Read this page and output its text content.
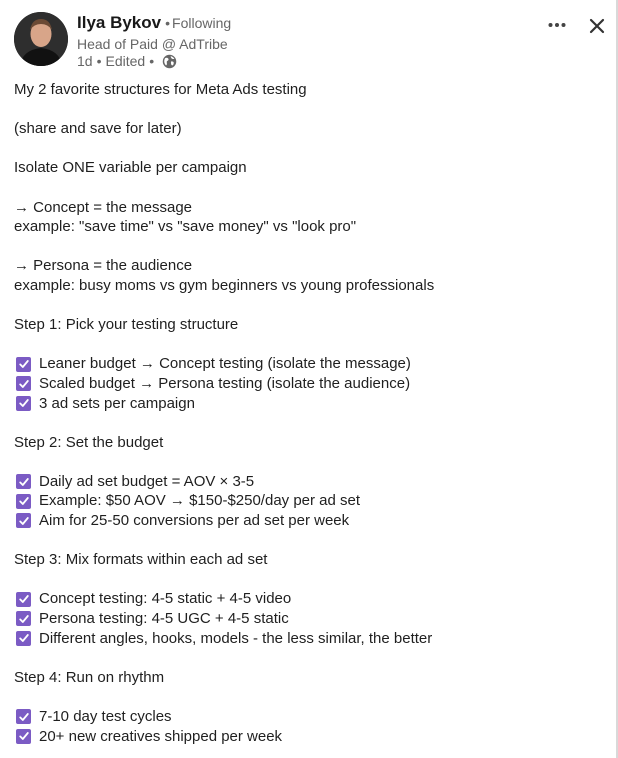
Ilya Bykov • Following
Head of Paid @ AdTribe
1d • Edited •
My 2 favorite structures for Meta Ads testing
(share and save for later)
Isolate ONE variable per campaign
→ Concept = the message
example: "save time" vs "save money" vs "look pro"
→ Persona = the audience
example: busy moms vs gym beginners vs young professionals
Step 1: Pick your testing structure
Leaner budget → Concept testing (isolate the message)
Scaled budget → Persona testing (isolate the audience)
3 ad sets per campaign
Step 2: Set the budget
Daily ad set budget = AOV × 3-5
Example: $50 AOV → $150-$250/day per ad set
Aim for 25-50 conversions per ad set per week
Step 3: Mix formats within each ad set
Concept testing: 4-5 static + 4-5 video
Persona testing: 4-5 UGC + 4-5 static
Different angles, hooks, models - the less similar, the better
Step 4: Run on rhythm
7-10 day test cycles
20+ new creatives shipped per week
